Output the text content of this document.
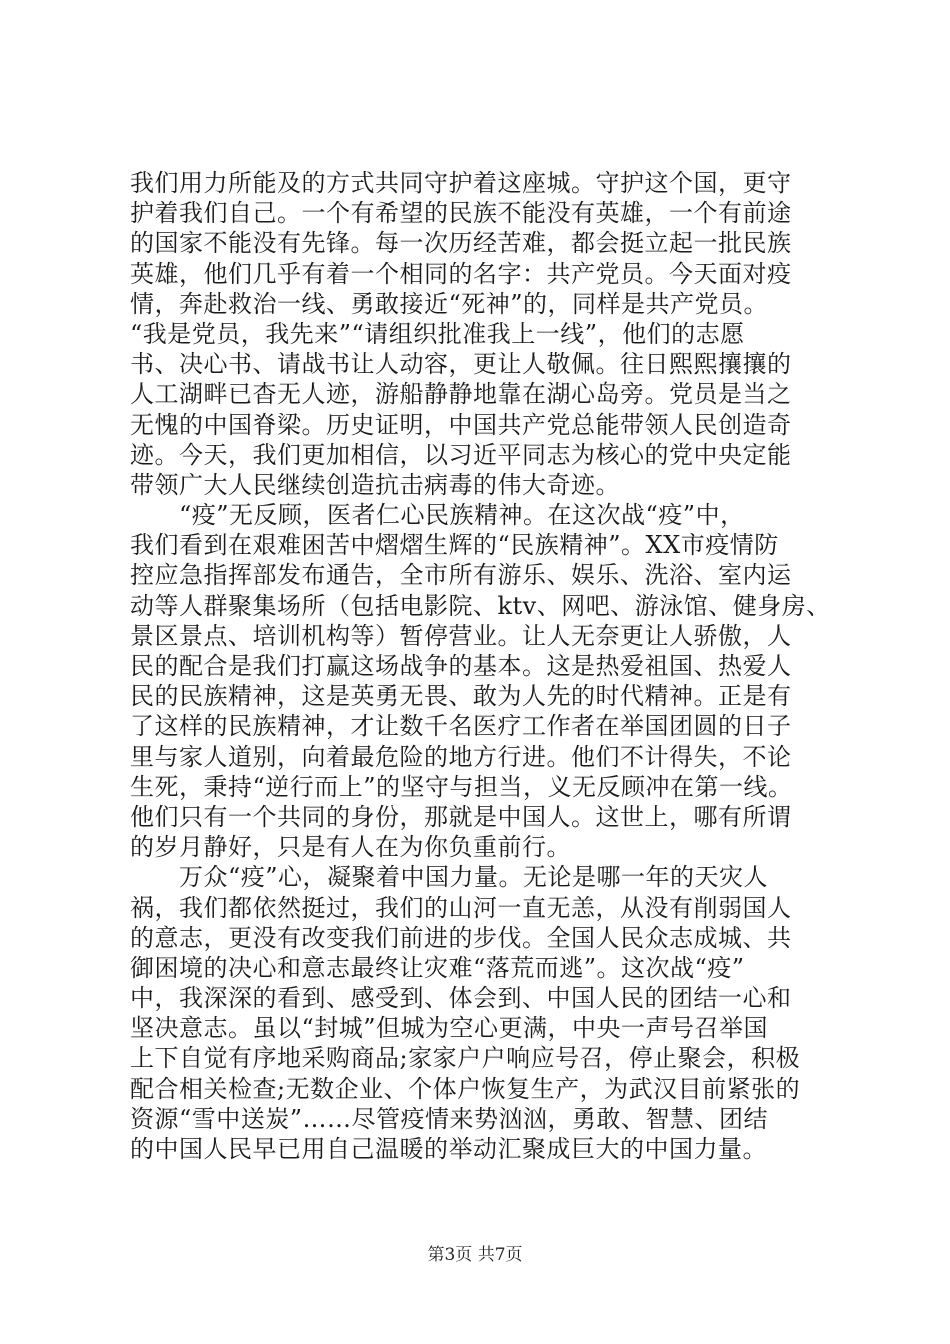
我们用力所能及的方式共同守护着这座城。守护这个国，更守
护着我们自己。一个有希望的民族不能没有英雄，一个有前途
的国家不能没有先锋。每一次历经苦难，都会挺立起一批民族
英雄，他们几乎有着一个相同的名字：共产党员。今天面对疫
情，奔赴救治一线、勇敢接近“死神”的，同样是共产党员。
“我是党员，我先来”“请组织批准我上一线”，他们的志愿
书、决心书、请战书让人动容，更让人敬佩。往日熙熙攘攘的
人工湖畔已杳无人迹，游船静静地靠在湖心岛旁。党员是当之
无愧的中国脊梁。历史证明，中国共产党总能带领人民创造奇
迹。今天，我们更加相信，以习近平同志为核心的党中央定能
带领广大人民继续创造抗击病毒的伟大奇迹。
　　“疫”无反顾，医者仁心民族精神。在这次战“疫”中，
我们看到在艰难困苦中熠熠生辉的“民族精神”。XX市疫情防
控应急指挥部发布通告，全市所有游乐、娱乐、洗浴、室内运
动等人群聚集场所（包括电影院、ktv、网吧、游泳馆、健身房、
景区景点、培训机构等）暂停营业。让人无奈更让人骄傲，人
民的配合是我们打赢这场战争的基本。这是热爱祖国、热爱人
民的民族精神，这是英勇无畏、敢为人先的时代精神。正是有
了这样的民族精神，才让数千名医疗工作者在举国团圆的日子
里与家人道别，向着最危险的地方行进。他们不计得失，不论
生死，秉持“逆行而上”的坚守与担当，义无反顾冲在第一线。
他们只有一个共同的身份，那就是中国人。这世上，哪有所谓
的岁月静好，只是有人在为你负重前行。
　　万众“疫”心，凝聚着中国力量。无论是哪一年的天灾人
祸，我们都依然挺过，我们的山河一直无恙，从没有削弱国人
的意志，更没有改变我们前进的步伐。全国人民众志成城、共
御困境的决心和意志最终让灾难“落荒而逃”。这次战“疫”
中，我深深的看到、感受到、体会到、中国人民的团结一心和
坚决意志。虽以“封城”但城为空心更满，中央一声号召举国
上下自觉有序地采购商品;家家户户响应号召，停止聚会，积极
配合相关检查;无数企业、个体户恢复生产，为武汉目前紧张的
资源“雪中送炭”……尽管疫情来势汹汹，勇敢、智慧、团结
的中国人民早已用自己温暖的举动汇聚成巨大的中国力量。
第3页 共7页
